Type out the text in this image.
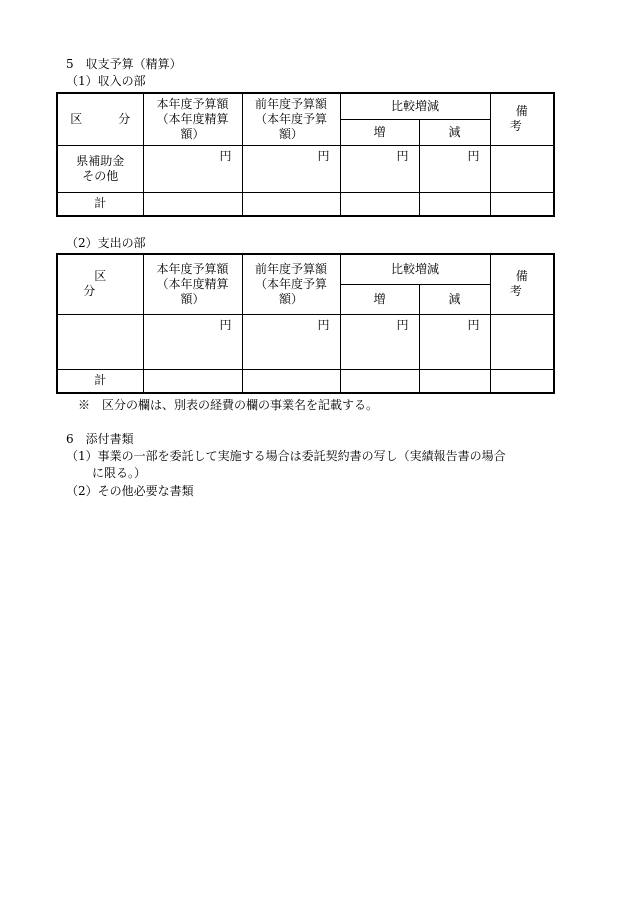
5　収支予算（精算）
（1）収入の部
区　分	本年度予算額
（本年度精算
額）	前年度予算額
（本年度予算
額）	比較増減		備　考
			増	減	

県補助金
その他	円	円	円	円	
計					
（2）支出の部
区　　分	本年度予算額
（本年度精算
額）	前年度予算額
（本年度予算
額）	比較増減		備　考
			増	減	
	円	円	円	円	
計					
※　区分の欄は、別表の経費の欄の事業名を記載する。
6　添付書類
（1）事業の一部を委託して実施する場合は委託契約書の写し（実績報告書の場合
に限る。）
（2）その他必要な書類
